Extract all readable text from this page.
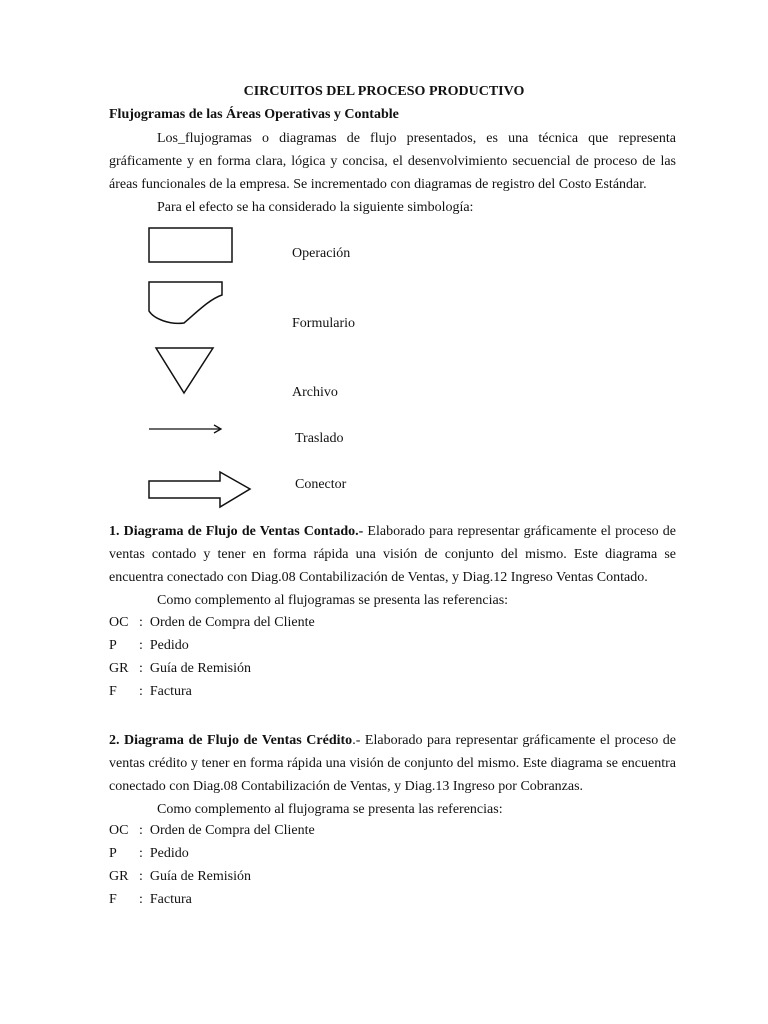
CIRCUITOS DEL PROCESO PRODUCTIVO
Flujogramas de las Áreas Operativas y Contable

Los_flujogramas o diagramas de flujo presentados, es una técnica que representa gráficamente y en forma clara, lógica y concisa, el desenvolvimiento secuencial de proceso de las áreas funcionales de la empresa. Se incrementado con diagramas de registro del Costo Estándar.

Para el efecto se ha considerado la siguiente simbología:

Operación
Formulario
Archivo
Traslado
Conector

1. Diagrama de Flujo de Ventas Contado.- Elaborado para representar gráficamente el proceso de ventas contado y tener en forma rápida una visión de conjunto del mismo. Este diagrama se encuentra conectado con Diag.08 Contabilización de Ventas, y Diag.12 Ingreso Ventas Contado.

Como complemento al flujogramas se presenta las referencias:

OC : Orden de Compra del Cliente
P : Pedido
GR : Guía de Remisión
F : Factura

2. Diagrama de Flujo de Ventas Crédito.- Elaborado para representar gráficamente el proceso de ventas crédito y tener en forma rápida una visión de conjunto del mismo. Este diagrama se encuentra conectado con Diag.08 Contabilización de Ventas, y Diag.13 Ingreso por Cobranzas.

Como complemento al flujograma se presenta las referencias:

OC : Orden de Compra del Cliente
P : Pedido
GR : Guía de Remisión
F : Factura
